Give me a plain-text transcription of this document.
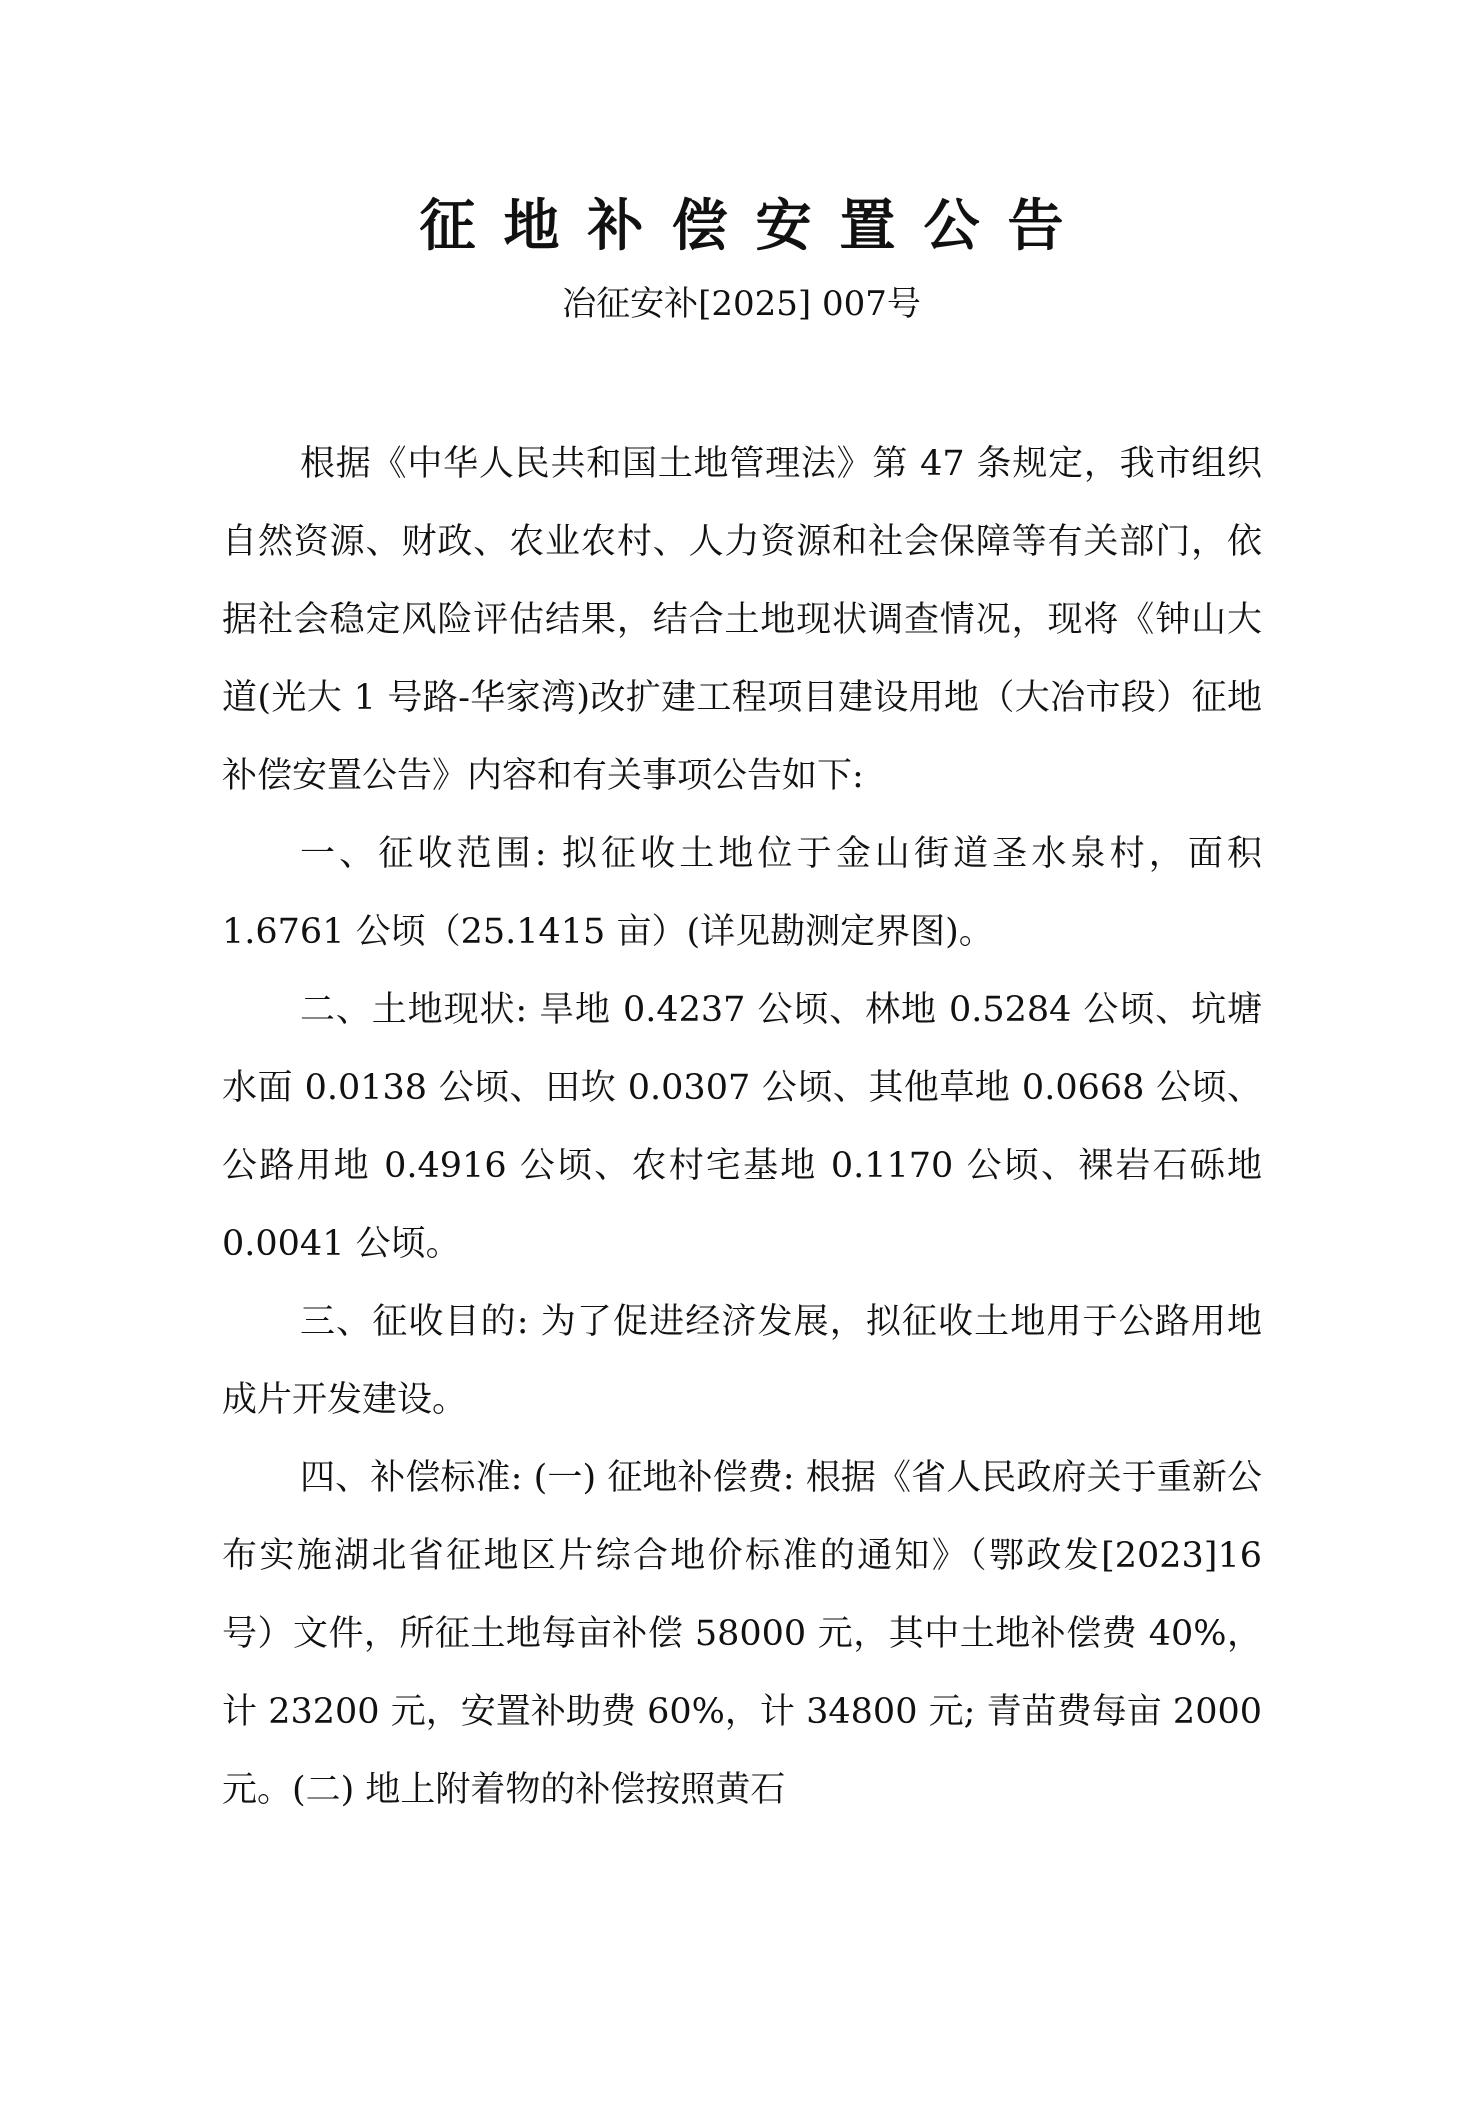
征地补偿安置公告
冶征安补[2025] 007号

根据《中华人民共和国土地管理法》第 47 条规定，我市组织自然资源、财政、农业农村、人力资源和社会保障等有关部门，依据社会稳定风险评估结果，结合土地现状调查情况，现将《钟山大道(光大 1 号路-华家湾)改扩建工程项目建设用地（大冶市段）征地补偿安置公告》内容和有关事项公告如下:

一、征收范围: 拟征收土地位于金山街道圣水泉村，面积 1.6761 公顷（25.1415 亩）(详见勘测定界图)。

二、土地现状: 旱地 0.4237 公顷、林地 0.5284 公顷、坑塘水面 0.0138 公顷、田坎 0.0307 公顷、其他草地 0.0668 公顷、公路用地 0.4916 公顷、农村宅基地 0.1170 公顷、裸岩石砾地 0.0041 公顷。

三、征收目的: 为了促进经济发展，拟征收土地用于公路用地成片开发建设。

四、补偿标准: (一) 征地补偿费: 根据《省人民政府关于重新公布实施湖北省征地区片综合地价标准的通知》（鄂政发[2023]16 号）文件，所征土地每亩补偿 58000 元，其中土地补偿费 40%，计 23200 元，安置补助费 60%，计 34800 元; 青苗费每亩 2000 元。(二) 地上附着物的补偿按照黄石
